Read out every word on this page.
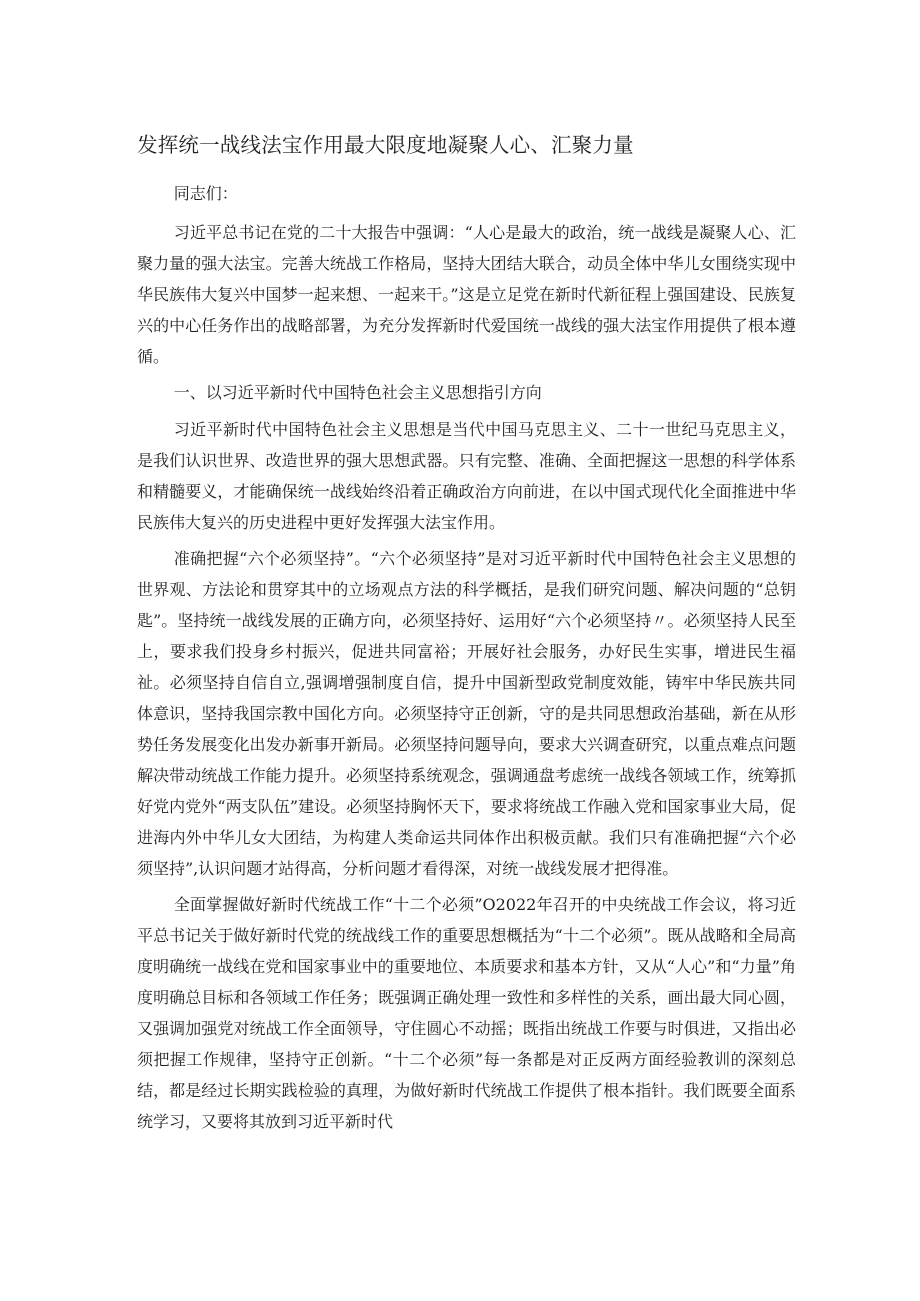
发挥统一战线法宝作用最大限度地凝聚人心、汇聚力量

同志们：

习近平总书记在党的二十大报告中强调：“人心是最大的政治，统一战线是凝聚人心、汇聚力量的强大法宝。完善大统战工作格局，坚持大团结大联合，动员全体中华儿女围绕实现中华民族伟大复兴中国梦一起来想、一起来干。”这是立足党在新时代新征程上强国建设、民族复兴的中心任务作出的战略部署，为充分发挥新时代爱国统一战线的强大法宝作用提供了根本遵循。

一、以习近平新时代中国特色社会主义思想指引方向

习近平新时代中国特色社会主义思想是当代中国马克思主义、二十一世纪马克思主义，是我们认识世界、改造世界的强大思想武器。只有完整、准确、全面把握这一思想的科学体系和精髓要义，才能确保统一战线始终沿着正确政治方向前进，在以中国式现代化全面推进中华民族伟大复兴的历史进程中更好发挥强大法宝作用。

准确把握“六个必须坚持”。“六个必须坚持”是对习近平新时代中国特色社会主义思想的世界观、方法论和贯穿其中的立场观点方法的科学概括，是我们研究问题、解决问题的“总钥匙”。坚持统一战线发展的正确方向，必须坚持好、运用好“六个必须坚持〃。必须坚持人民至上，要求我们投身乡村振兴，促进共同富裕；开展好社会服务，办好民生实事，增进民生福祉。必须坚持自信自立,强调增强制度自信，提升中国新型政党制度效能，铸牢中华民族共同体意识，坚持我国宗教中国化方向。必须坚持守正创新，守的是共同思想政治基础，新在从形势任务发展变化出发办新事开新局。必须坚持问题导向，要求大兴调查研究，以重点难点问题解决带动统战工作能力提升。必须坚持系统观念，强调通盘考虑统一战线各领域工作，统筹抓好党内党外“两支队伍”建设。必须坚持胸怀天下，要求将统战工作融入党和国家事业大局，促进海内外中华儿女大团结，为构建人类命运共同体作出积极贡献。我们只有准确把握“六个必须坚持”,认识问题才站得高，分析问题才看得深，对统一战线发展才把得准。

全面掌握做好新时代统战工作“十二个必须”O2022年召开的中央统战工作会议，将习近平总书记关于做好新时代党的统战线工作的重要思想概括为“十二个必须”。既从战略和全局高度明确统一战线在党和国家事业中的重要地位、本质要求和基本方针，又从“人心”和“力量”角度明确总目标和各领域工作任务；既强调正确处理一致性和多样性的关系，画出最大同心圆，又强调加强党对统战工作全面领导，守住圆心不动摇；既指出统战工作要与时俱进，又指出必须把握工作规律，坚持守正创新。“十二个必须”每一条都是对正反两方面经验教训的深刻总结，都是经过长期实践检验的真理，为做好新时代统战工作提供了根本指针。我们既要全面系统学习，又要将其放到习近平新时代
